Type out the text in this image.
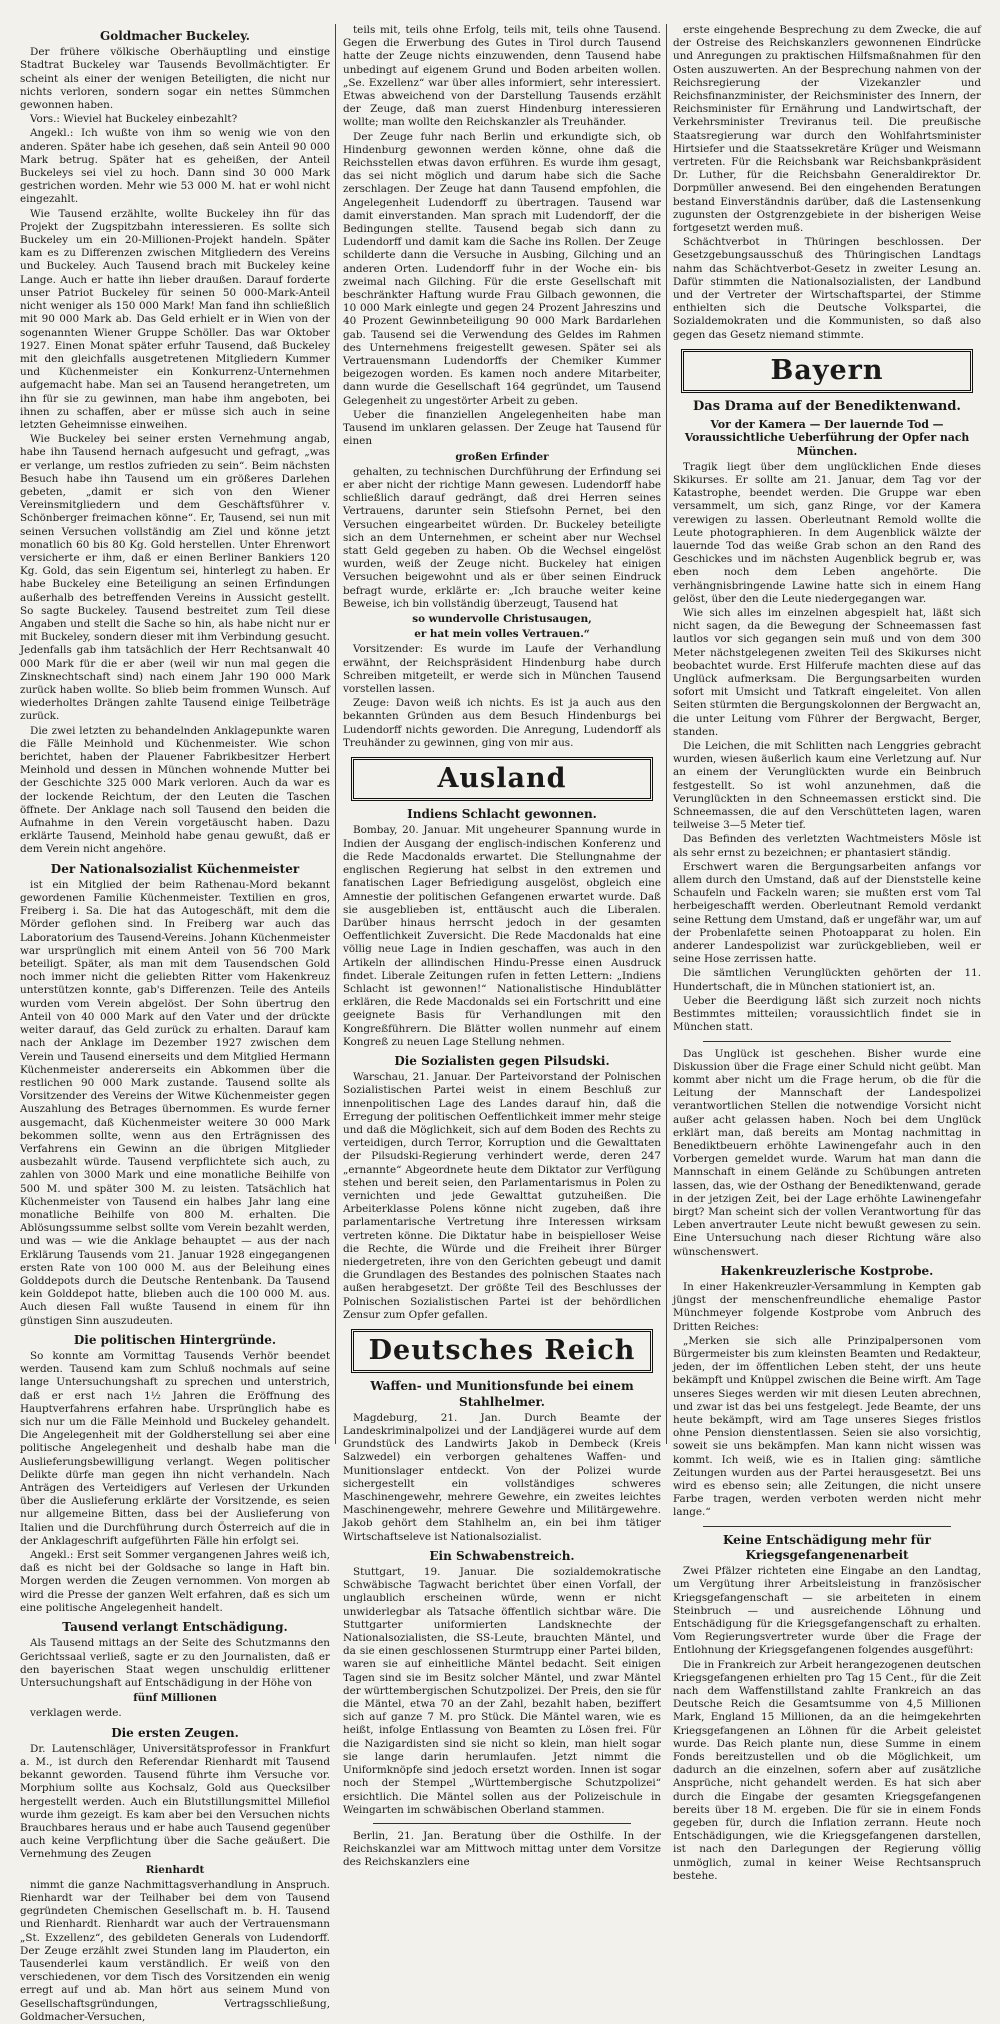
Goldmacher Buckeley.

Der frühere völkische Oberhäuptling und einstige Stadtrat Buckeley war Tausends Bevollmächtigter. Er scheint als einer der wenigen Beteiligten, die nicht nur nichts verloren, sondern sogar ein nettes Sümmchen gewonnen haben.

Vors.: Wieviel hat Buckeley einbezahlt?

Angekl.: Ich wußte von ihm so wenig wie von den anderen. Später habe ich gesehen, daß sein Anteil 90 000 Mark betrug. Später hat es geheißen, der Anteil Buckeleys sei viel zu hoch. Dann sind 30 000 Mark gestrichen worden. Mehr wie 53 000 M. hat er wohl nicht eingezahlt.

Wie Tausend erzählte, wollte Buckeley ihn für das Projekt der Zugspitzbahn interessieren. Es sollte sich Buckeley um ein 20-Millionen-Projekt handeln. Später kam es zu Differenzen zwischen Mitgliedern des Vereins und Buckeley. Auch Tausend brach mit Buckeley keine Lange. Auch er hatte ihn lieber draußen. Darauf forderte unser Patriot Buckeley für seinen 50 000-Mark-Anteil nicht weniger als 150 000 Mark! Man fand ihn schließlich mit 90 000 Mark ab. Das Geld erhielt er in Wien von der sogenannten Wiener Gruppe Schöller. Das war Oktober 1927. Einen Monat später erfuhr Tausend, daß Buckeley mit den gleichfalls ausgetretenen Mitgliedern Kummer und Küchenmeister ein Konkurrenz-Unternehmen aufgemacht habe. Man sei an Tausend herangetreten, um ihn für sie zu gewinnen, man habe ihm angeboten, bei ihnen zu schaffen, aber er müsse sich auch in seine letzten Geheimnisse einweihen.

Wie Buckeley bei seiner ersten Vernehmung angab, habe ihn Tausend hernach aufgesucht und gefragt, „was er verlange, um restlos zufrieden zu sein“. Beim nächsten Besuch habe ihn Tausend um ein größeres Darlehen gebeten, „damit er sich von den Wiener Vereinsmitgliedern und dem Geschäftsführer v. Schönberger freimachen könne“. Er, Tausend, sei nun mit seinen Versuchen vollständig am Ziel und könne jetzt monatlich 60 bis 80 Kg. Gold herstellen. Unter Ehrenwort versicherte er ihm, daß er einen Berliner Bankiers 120 Kg. Gold, das sein Eigentum sei, hinterlegt zu haben. Er habe Buckeley eine Beteiligung an seinen Erfindungen außerhalb des betreffenden Vereins in Aussicht gestellt. So sagte Buckeley. Tausend bestreitet zum Teil diese Angaben und stellt die Sache so hin, als habe nicht nur er mit Buckeley, sondern dieser mit ihm Verbindung gesucht. Jedenfalls gab ihm tatsächlich der Herr Rechtsanwalt 40 000 Mark für die er aber (weil wir nun mal gegen die Zinsknechtschaft sind) nach einem Jahr 190 000 Mark zurück haben wollte. So blieb beim frommen Wunsch. Auf wiederholtes Drängen zahlte Tausend einige Teilbeträge zurück.

Die zwei letzten zu behandelnden Anklagepunkte waren die Fälle Meinhold und Küchenmeister. Wie schon berichtet, haben der Plauener Fabrikbesitzer Herbert Meinhold und dessen in München wohnende Mutter bei der Geschichte 325 000 Mark verloren. Auch da war es der lockende Reichtum, der den Leuten die Taschen öffnete. Der Anklage nach soll Tausend den beiden die Aufnahme in den Verein vorgetäuscht haben. Dazu erklärte Tausend, Meinhold habe genau gewußt, daß er dem Verein nicht angehöre.

Der Nationalsozialist Küchenmeister

ist ein Mitglied der beim Rathenau-Mord bekannt gewordenen Familie Küchenmeister. Textilien en gros, Freiberg i. Sa. Die hat das Autogeschäft, mit dem die Mörder geflohen sind. In Freiberg war auch das Laboratorium des Tausend-Vereins. Johann Küchenmeister war ursprünglich mit einem Anteil von 56 700 Mark beteiligt. Später, als man mit dem Tausendschen Gold noch immer nicht die geliebten Ritter vom Hakenkreuz unterstützen konnte, gab's Differenzen. Teile des Anteils wurden vom Verein abgelöst. Der Sohn übertrug den Anteil von 40 000 Mark auf den Vater und der drückte weiter darauf, das Geld zurück zu erhalten. Darauf kam nach der Anklage im Dezember 1927 zwischen dem Verein und Tausend einerseits und dem Mitglied Hermann Küchenmeister andererseits ein Abkommen über die restlichen 90 000 Mark zustande. Tausend sollte als Vorsitzender des Vereins der Witwe Küchenmeister gegen Auszahlung des Betrages übernommen. Es wurde ferner ausgemacht, daß Küchenmeister weitere 30 000 Mark bekommen sollte, wenn aus den Erträgnissen des Verfahrens ein Gewinn an die übrigen Mitglieder ausbezahlt würde. Tausend verpflichtete sich auch, zu zahlen von 3000 Mark und eine monatliche Beihilfe von 500 M. und später 300 M. zu leisten. Tatsächlich hat Küchenmeister von Tausend ein halbes Jahr lang eine monatliche Beihilfe von 800 M. erhalten. Die Ablösungssumme selbst sollte vom Verein bezahlt werden, und was — wie die Anklage behauptet — aus der nach Erklärung Tausends vom 21. Januar 1928 eingegangenen ersten Rate von 100 000 M. aus der Beleihung eines Golddepots durch die Deutsche Rentenbank. Da Tausend kein Golddepot hatte, blieben auch die 100 000 M. aus. Auch diesen Fall wußte Tausend in einem für ihn günstigen Sinn auszudeuten.

Die politischen Hintergründe.

So konnte am Vormittag Tausends Verhör beendet werden. Tausend kam zum Schluß nochmals auf seine lange Untersuchungshaft zu sprechen und unterstrich, daß er erst nach 1½ Jahren die Eröffnung des Hauptverfahrens erfahren habe. Ursprünglich habe es sich nur um die Fälle Meinhold und Buckeley gehandelt. Die Angelegenheit mit der Goldherstellung sei aber eine politische Angelegenheit und deshalb habe man die Auslieferungsbewilligung verlangt. Wegen politischer Delikte dürfe man gegen ihn nicht verhandeln. Nach Anträgen des Verteidigers auf Verlesen der Urkunden über die Auslieferung erklärte der Vorsitzende, es seien nur allgemeine Bitten, dass bei der Auslieferung von Italien und die Durchführung durch Österreich auf die in der Anklageschrift aufgeführten Fälle hin erfolgt sei.

Angekl.: Erst seit Sommer vergangenen Jahres weiß ich, daß es nicht bei der Goldsache so lange in Haft bin. Morgen werden die Zeugen vernommen. Von morgen ab wird die Presse der ganzen Welt erfahren, daß es sich um eine politische Angelegenheit handelt.

Tausend verlangt Entschädigung.

Als Tausend mittags an der Seite des Schutzmanns den Gerichtssaal verließ, sagte er zu den Journalisten, daß er den bayerischen Staat wegen unschuldig erlittener Untersuchungshaft auf Entschädigung in der Höhe von

fünf Millionen

verklagen werde.

Die ersten Zeugen.

Dr. Lautenschläger, Universitätsprofessor in Frankfurt a. M., ist durch den Referendar Rienhardt mit Tausend bekannt geworden. Tausend führte ihm Versuche vor. Morphium sollte aus Kochsalz, Gold aus Quecksilber hergestellt werden. Auch ein Blutstillungsmittel Millefiol wurde ihm gezeigt. Es kam aber bei den Versuchen nichts Brauchbares heraus und er habe auch Tausend gegenüber auch keine Verpflichtung über die Sache geäußert. Die Vernehmung des Zeugen

Rienhardt

nimmt die ganze Nachmittagsverhandlung in Anspruch. Rienhardt war der Teilhaber bei dem von Tausend gegründeten Chemischen Gesellschaft m. b. H. Tausend und Rienhardt. Rienhardt war auch der Vertrauensmann „St. Exzellenz“, des gebildeten Generals von Ludendorff. Der Zeuge erzählt zwei Stunden lang im Plauderton, ein Tausenderlei kaum verständlich. Er weiß von den verschiedenen, vor dem Tisch des Vorsitzenden ein wenig erregt auf und ab. Man hört aus seinem Mund von Gesellschaftsgründungen, Vertragsschließung, Goldmacher-Versuchen,

teils mit, teils ohne Erfolg, teils mit, teils ohne Tausend. Gegen die Erwerbung des Gutes in Tirol durch Tausend hatte der Zeuge nichts einzuwenden, denn Tausend habe unbedingt auf eigenem Grund und Boden arbeiten wollen. „Se. Exzellenz“ war über alles informiert, sehr interessiert. Etwas abweichend von der Darstellung Tausends erzählt der Zeuge, daß man zuerst Hindenburg interessieren wollte; man wollte den Reichskanzler als Treuhänder.

Der Zeuge fuhr nach Berlin und erkundigte sich, ob Hindenburg gewonnen werden könne, ohne daß die Reichsstellen etwas davon erführen. Es wurde ihm gesagt, das sei nicht möglich und darum habe sich die Sache zerschlagen. Der Zeuge hat dann Tausend empfohlen, die Angelegenheit Ludendorff zu übertragen. Tausend war damit einverstanden. Man sprach mit Ludendorff, der die Bedingungen stellte. Tausend begab sich dann zu Ludendorff und damit kam die Sache ins Rollen. Der Zeuge schilderte dann die Versuche in Ausbing, Gilching und an anderen Orten. Ludendorff fuhr in der Woche ein- bis zweimal nach Gilching. Für die erste Gesellschaft mit beschränkter Haftung wurde Frau Gilbach gewonnen, die 10 000 Mark einlegte und gegen 24 Prozent Jahreszins und 40 Prozent Gewinnbeteiligung 90 000 Mark Bardarlehen gab. Tausend sei die Verwendung des Geldes im Rahmen des Unternehmens freigestellt gewesen. Später sei als Vertrauensmann Ludendorffs der Chemiker Kummer beigezogen worden. Es kamen noch andere Mitarbeiter, dann wurde die Gesellschaft 164 gegründet, um Tausend Gelegenheit zu ungestörter Arbeit zu geben.

Ueber die finanziellen Angelegenheiten habe man Tausend im unklaren gelassen. Der Zeuge hat Tausend für einen

großen Erfinder

gehalten, zu technischen Durchführung der Erfindung sei er aber nicht der richtige Mann gewesen. Ludendorff habe schließlich darauf gedrängt, daß drei Herren seines Vertrauens, darunter sein Stiefsohn Pernet, bei den Versuchen eingearbeitet würden. Dr. Buckeley beteiligte sich an dem Unternehmen, er scheint aber nur Wechsel statt Geld gegeben zu haben. Ob die Wechsel eingelöst wurden, weiß der Zeuge nicht. Buckeley hat einigen Versuchen beigewohnt und als er über seinen Eindruck befragt wurde, erklärte er: „Ich brauche weiter keine Beweise, ich bin vollständig überzeugt, Tausend hat

so wundervolle Christusaugen,
er hat mein volles Vertrauen.“

Vorsitzender: Es wurde im Laufe der Verhandlung erwähnt, der Reichspräsident Hindenburg habe durch Schreiben mitgeteilt, er werde sich in München Tausend vorstellen lassen.

Zeuge: Davon weiß ich nichts. Es ist ja auch aus den bekannten Gründen aus dem Besuch Hindenburgs bei Ludendorff nichts geworden. Die Anregung, Ludendorff als Treuhänder zu gewinnen, ging von mir aus.

Ausland
Indiens Schlacht gewonnen.

Bombay, 20. Januar. Mit ungeheurer Spannung wurde in Indien der Ausgang der englisch-indischen Konferenz und die Rede Macdonalds erwartet. Die Stellungnahme der englischen Regierung hat selbst in den extremen und fanatischen Lager Befriedigung ausgelöst, obgleich eine Amnestie der politischen Gefangenen erwartet wurde. Daß sie ausgeblieben ist, enttäuscht auch die Liberalen. Darüber hinaus herrscht jedoch in der gesamten Oeffentlichkeit Zuversicht. Die Rede Macdonalds hat eine völlig neue Lage in Indien geschaffen, was auch in den Artikeln der allindischen Hindu-Presse einen Ausdruck findet. Liberale Zeitungen rufen in fetten Lettern: „Indiens Schlacht ist gewonnen!“ Nationalistische Hindublätter erklären, die Rede Macdonalds sei ein Fortschritt und eine geeignete Basis für Verhandlungen mit den Kongreßführern. Die Blätter wollen nunmehr auf einem Kongreß zu neuen Lage Stellung nehmen.

Die Sozialisten gegen Pilsudski.

Warschau, 21. Januar. Der Parteivorstand der Polnischen Sozialistischen Partei weist in einem Beschluß zur innenpolitischen Lage des Landes darauf hin, daß die Erregung der politischen Oeffentlichkeit immer mehr steige und daß die Möglichkeit, sich auf dem Boden des Rechts zu verteidigen, durch Terror, Korruption und die Gewalttaten der Pilsudski-Regierung verhindert werde, deren 247 „ernannte“ Abgeordnete heute dem Diktator zur Verfügung stehen und bereit seien, den Parlamentarismus in Polen zu vernichten und jede Gewalttat gutzuheißen. Die Arbeiterklasse Polens könne nicht zugeben, daß ihre parlamentarische Vertretung ihre Interessen wirksam vertreten könne. Die Diktatur habe in beispielloser Weise die Rechte, die Würde und die Freiheit ihrer Bürger niedergetreten, ihre von den Gerichten gebeugt und damit die Grundlagen des Bestandes des polnischen Staates nach außen herabgesetzt. Der größte Teil des Beschlusses der Polnischen Sozialistischen Partei ist der behördlichen Zensur zum Opfer gefallen.

Deutsches Reich
Waffen- und Munitionsfunde bei einem Stahlhelmer.

Magdeburg, 21. Jan. Durch Beamte der Landeskriminalpolizei und der Landjägerei wurde auf dem Grundstück des Landwirts Jakob in Dembeck (Kreis Salzwedel) ein verborgen gehaltenes Waffen- und Munitionslager entdeckt. Von der Polizei wurde sichergestellt ein vollständiges schweres Maschinengewehr, mehrere Gewehre, ein zweites leichtes Maschinengewehr, mehrere Gewehre und Militärgewehre. Jakob gehört dem Stahlhelm an, ein bei ihm tätiger Wirtschaftseleve ist Nationalsozialist.

Ein Schwabenstreich.

Stuttgart, 19. Januar. Die sozialdemokratische Schwäbische Tagwacht berichtet über einen Vorfall, der unglaublich erscheinen würde, wenn er nicht unwiderlegbar als Tatsache öffentlich sichtbar wäre. Die Stuttgarter uniformierten Landsknechte der Nationalsozialisten, die SS-Leute, brauchten Mäntel, und da sie einen geschlossenen Sturmtrupp einer Partei bilden, waren sie auf einheitliche Mäntel bedacht. Seit einigen Tagen sind sie im Besitz solcher Mäntel, und zwar Mäntel der württembergischen Schutzpolizei. Der Preis, den sie für die Mäntel, etwa 70 an der Zahl, bezahlt haben, beziffert sich auf ganze 7 M. pro Stück. Die Mäntel waren, wie es heißt, infolge Entlassung von Beamten zu Lösen frei. Für die Nazigardisten sind sie nicht so klein, man hielt sogar sie lange darin herumlaufen. Jetzt nimmt die Uniformknöpfe sind jedoch ersetzt worden. Innen ist sogar noch der Stempel „Württembergische Schutzpolizei“ ersichtlich. Die Mäntel sollen aus der Polizeischule in Weingarten im schwäbischen Oberland stammen.

Berlin, 21. Jan. Beratung über die Osthilfe. In der Reichskanzlei war am Mittwoch mittag unter dem Vorsitze des Reichskanzlers eine

erste eingehende Besprechung zu dem Zwecke, die auf der Ostreise des Reichskanzlers gewonnenen Eindrücke und Anregungen zu praktischen Hilfsmaßnahmen für den Osten auszuwerten. An der Besprechung nahmen von der Reichsregierung der Vizekanzler und Reichsfinanzminister, der Reichsminister des Innern, der Reichsminister für Ernährung und Landwirtschaft, der Verkehrsminister Treviranus teil. Die preußische Staatsregierung war durch den Wohlfahrtsminister Hirtsiefer und die Staatssekretäre Krüger und Weismann vertreten. Für die Reichsbank war Reichsbankpräsident Dr. Luther, für die Reichsbahn Generaldirektor Dr. Dorpmüller anwesend. Bei den eingehenden Beratungen bestand Einverständnis darüber, daß die Lastensenkung zugunsten der Ostgrenzgebiete in der bisherigen Weise fortgesetzt werden muß.

Schächtverbot in Thüringen beschlossen. Der Gesetzgebungsausschuß des Thüringischen Landtags nahm das Schächtverbot-Gesetz in zweiter Lesung an. Dafür stimmten die Nationalsozialisten, der Landbund und der Vertreter der Wirtschaftspartei, der Stimme enthielten sich die Deutsche Volkspartei, die Sozialdemokraten und die Kommunisten, so daß also gegen das Gesetz niemand stimmte.

Bayern
Das Drama auf der Benediktenwand.
Vor der Kamera — Der lauernde Tod — Voraussichtliche Ueberführung der Opfer nach München.

Tragik liegt über dem unglücklichen Ende dieses Skikurses. Er sollte am 21. Januar, dem Tag vor der Katastrophe, beendet werden. Die Gruppe war eben versammelt, um sich, ganz Ringe, vor der Kamera verewigen zu lassen. Oberleutnant Remold wollte die Leute photographieren. In dem Augenblick wälzte der lauernde Tod das weiße Grab schon an den Rand des Geschickes und im nächsten Augenblick begrub er, was eben noch dem Leben angehörte. Die verhängnisbringende Lawine hatte sich in einem Hang gelöst, über den die Leute niedergegangen war.

Wie sich alles im einzelnen abgespielt hat, läßt sich nicht sagen, da die Bewegung der Schneemassen fast lautlos vor sich gegangen sein muß und von dem 300 Meter nächstgelegenen zweiten Teil des Skikurses nicht beobachtet wurde. Erst Hilferufe machten diese auf das Unglück aufmerksam. Die Bergungsarbeiten wurden sofort mit Umsicht und Tatkraft eingeleitet. Von allen Seiten stürmten die Bergungskolonnen der Bergwacht an, die unter Leitung vom Führer der Bergwacht, Berger, standen.

Die Leichen, die mit Schlitten nach Lenggries gebracht wurden, wiesen äußerlich kaum eine Verletzung auf. Nur an einem der Verunglückten wurde ein Beinbruch festgestellt. So ist wohl anzunehmen, daß die Verunglückten in den Schneemassen erstickt sind. Die Schneemassen, die auf den Verschütteten lagen, waren teilweise 3—5 Meter tief.

Das Befinden des verletzten Wachtmeisters Mösle ist als sehr ernst zu bezeichnen; er phantasiert ständig.

Erschwert waren die Bergungsarbeiten anfangs vor allem durch den Umstand, daß auf der Dienststelle keine Schaufeln und Fackeln waren; sie mußten erst vom Tal herbeigeschafft werden. Oberleutnant Remold verdankt seine Rettung dem Umstand, daß er ungefähr war, um auf der Probenlafette seinen Photoapparat zu holen. Ein anderer Landespolizist war zurückgeblieben, weil er seine Hose zerrissen hatte.

Die sämtlichen Verunglückten gehörten der 11. Hundertschaft, die in München stationiert ist, an.

Ueber die Beerdigung läßt sich zurzeit noch nichts Bestimmtes mitteilen; voraussichtlich findet sie in München statt.

Das Unglück ist geschehen. Bisher wurde eine Diskussion über die Frage einer Schuld nicht geübt. Man kommt aber nicht um die Frage herum, ob die für die Leitung der Mannschaft der Landespolizei verantwortlichen Stellen die notwendige Vorsicht nicht außer acht gelassen haben. Noch bei dem Unglück erklärt man, daß bereits am Montag nachmittag in Benediktbeuern erhöhte Lawinengefahr auch in den Vorbergen gemeldet wurde. Warum hat man dann die Mannschaft in einem Gelände zu Schübungen antreten lassen, das, wie der Osthang der Benediktenwand, gerade in der jetzigen Zeit, bei der Lage erhöhte Lawinengefahr birgt? Man scheint sich der vollen Verantwortung für das Leben anvertrauter Leute nicht bewußt gewesen zu sein. Eine Untersuchung nach dieser Richtung wäre also wünschenswert.

Hakenkreuzlerische Kostprobe.

In einer Hakenkreuzler-Versammlung in Kempten gab jüngst der menschenfreundliche ehemalige Pastor Münchmeyer folgende Kostprobe vom Anbruch des Dritten Reiches:

„Merken sie sich alle Prinzipalpersonen vom Bürgermeister bis zum kleinsten Beamten und Redakteur, jeden, der im öffentlichen Leben steht, der uns heute bekämpft und Knüppel zwischen die Beine wirft. Am Tage unseres Sieges werden wir mit diesen Leuten abrechnen, und zwar ist das bei uns festgelegt. Jede Beamte, der uns heute bekämpft, wird am Tage unseres Sieges fristlos ohne Pension dienstentlassen. Seien sie also vorsichtig, soweit sie uns bekämpfen. Man kann nicht wissen was kommt. Ich weiß, wie es in Italien ging: sämtliche Zeitungen wurden aus der Partei herausgesetzt. Bei uns wird es ebenso sein; alle Zeitungen, die nicht unsere Farbe tragen, werden verboten werden nicht mehr lange.“

Keine Entschädigung mehr für Kriegsgefangenenarbeit

Zwei Pfälzer richteten eine Eingabe an den Landtag, um Vergütung ihrer Arbeitsleistung in französischer Kriegsgefangenschaft — sie arbeiteten in einem Steinbruch — und ausreichende Löhnung und Entschädigung für die Kriegsgefangenschaft zu erhalten. Vom Regierungsvertreter wurde über die Frage der Entlohnung der Kriegsgefangenen folgendes ausgeführt:

Die in Frankreich zur Arbeit herangezogenen deutschen Kriegsgefangenen erhielten pro Tag 15 Cent., für die Zeit nach dem Waffenstillstand zahlte Frankreich an das Deutsche Reich die Gesamtsumme von 4,5 Millionen Mark, England 15 Millionen, da an die heimgekehrten Kriegsgefangenen an Löhnen für die Arbeit geleistet wurde. Das Reich plante nun, diese Summe in einem Fonds bereitzustellen und ob die Möglichkeit, um dadurch an die einzelnen, sofern aber auf zusätzliche Ansprüche, nicht gehandelt werden. Es hat sich aber durch die Eingabe der gesamten Kriegsgefangenen bereits über 18 M. ergeben. Die für sie in einem Fonds gegeben für, durch die Inflation zerrann. Heute noch Entschädigungen, wie die Kriegsgefangenen darstellen, ist nach den Darlegungen der Regierung völlig unmöglich, zumal in keiner Weise Rechtsanspruch bestehe.
